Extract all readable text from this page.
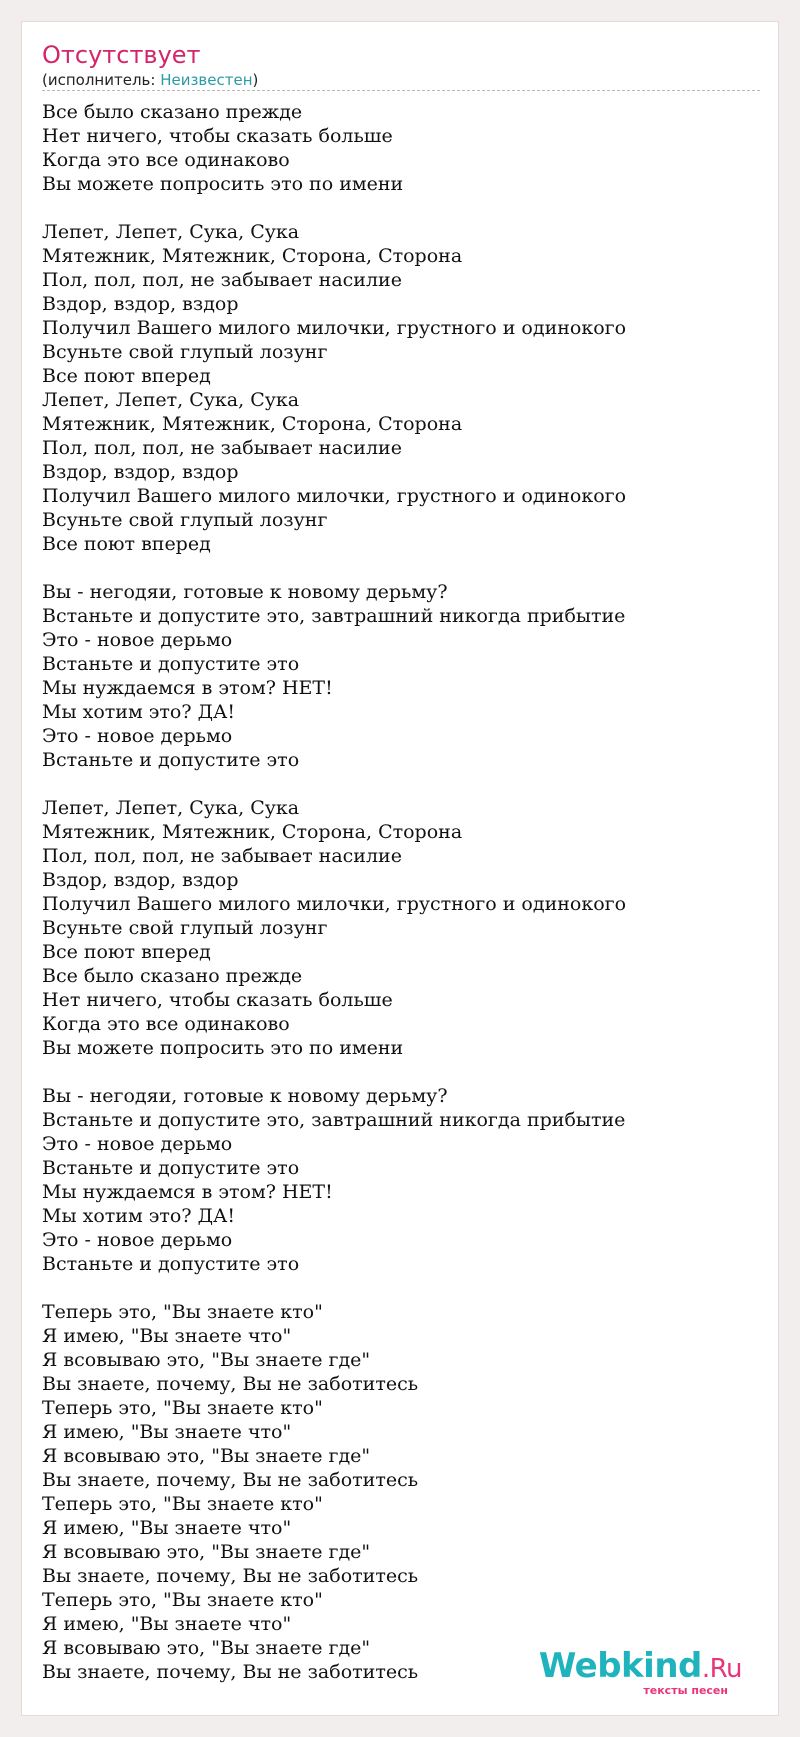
Отсутствует
(исполнитель: Неизвестен)
Все было сказано прежде
Нет ничего, чтобы сказать больше
Когда это все одинаково
Вы можете попросить это по имени

Лепет, Лепет, Сука, Сука
Мятежник, Мятежник, Сторона, Сторона
Пол, пол, пол, не забывает насилие
Вздор, вздор, вздор
Получил Вашего милого милочки, грустного и одинокого
Всуньте свой глупый лозунг
Все поют вперед
Лепет, Лепет, Сука, Сука
Мятежник, Мятежник, Сторона, Сторона
Пол, пол, пол, не забывает насилие
Вздор, вздор, вздор
Получил Вашего милого милочки, грустного и одинокого
Всуньте свой глупый лозунг
Все поют вперед

Вы - негодяи, готовые к новому дерьму?
Встаньте и допустите это, завтрашний никогда прибытие
Это - новое дерьмо
Встаньте и допустите это
Мы нуждаемся в этом? НЕТ!
Мы хотим это? ДА!
Это - новое дерьмо
Встаньте и допустите это

Лепет, Лепет, Сука, Сука
Мятежник, Мятежник, Сторона, Сторона
Пол, пол, пол, не забывает насилие
Вздор, вздор, вздор
Получил Вашего милого милочки, грустного и одинокого
Всуньте свой глупый лозунг
Все поют вперед
Все было сказано прежде
Нет ничего, чтобы сказать больше
Когда это все одинаково
Вы можете попросить это по имени

Вы - негодяи, готовые к новому дерьму?
Встаньте и допустите это, завтрашний никогда прибытие
Это - новое дерьмо
Встаньте и допустите это
Мы нуждаемся в этом? НЕТ!
Мы хотим это? ДА!
Это - новое дерьмо
Встаньте и допустите это

Теперь это, "Вы знаете кто"
Я имею, "Вы знаете что"
Я всовываю это, "Вы знаете где"
Вы знаете, почему, Вы не заботитесь
Теперь это, "Вы знаете кто"
Я имею, "Вы знаете что"
Я всовываю это, "Вы знаете где"
Вы знаете, почему, Вы не заботитесь
Теперь это, "Вы знаете кто"
Я имею, "Вы знаете что"
Я всовываю это, "Вы знаете где"
Вы знаете, почему, Вы не заботитесь
Теперь это, "Вы знаете кто"
Я имею, "Вы знаете что"
Я всовываю это, "Вы знаете где"
Вы знаете, почему, Вы не заботитесь	Webkind.Ru
тексты песен
